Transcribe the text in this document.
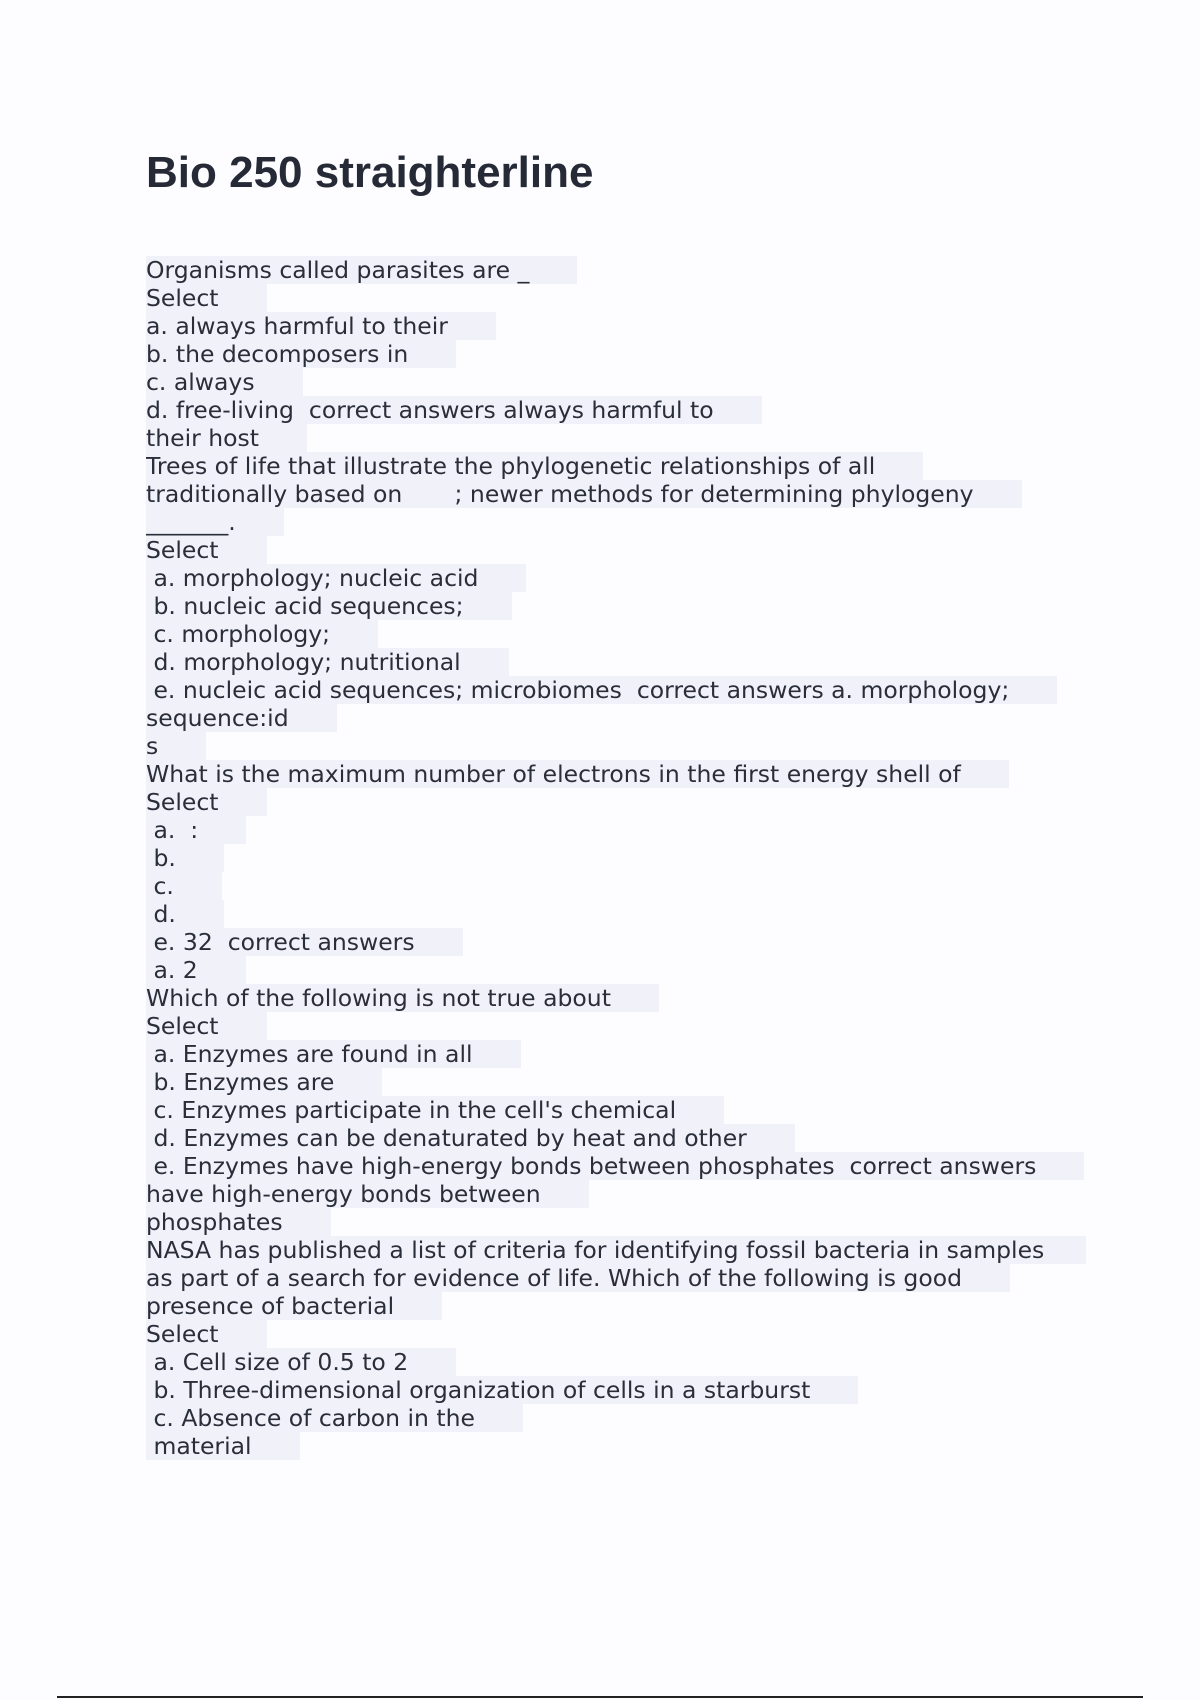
Bio 250 straighterline
Organisms called parasites are _
Select
a. always harmful to their
b. the decomposers in
c. always
d. free-living  correct answers always harmful to
their host
Trees of life that illustrate the phylogenetic relationships of all
traditionally based on       ; newer methods for determining phylogeny
_______.
Select
a. morphology; nucleic acid
b. nucleic acid sequences;
c. morphology;
d. morphology; nutritional
e. nucleic acid sequences; microbiomes  correct answers a. morphology;
sequence:id
s
What is the maximum number of electrons in the first energy shell of
Select
a.  :
b.
c.
d.
e. 32  correct answers
a. 2
Which of the following is not true about
Select
a. Enzymes are found in all
b. Enzymes are
c. Enzymes participate in the cell's chemical
d. Enzymes can be denaturated by heat and other
e. Enzymes have high-energy bonds between phosphates  correct answers
have high-energy bonds between
phosphates
NASA has published a list of criteria for identifying fossil bacteria in samples
as part of a search for evidence of life. Which of the following is good
presence of bacterial
Select
a. Cell size of 0.5 to 2
b. Three-dimensional organization of cells in a starburst
c. Absence of carbon in the
material
